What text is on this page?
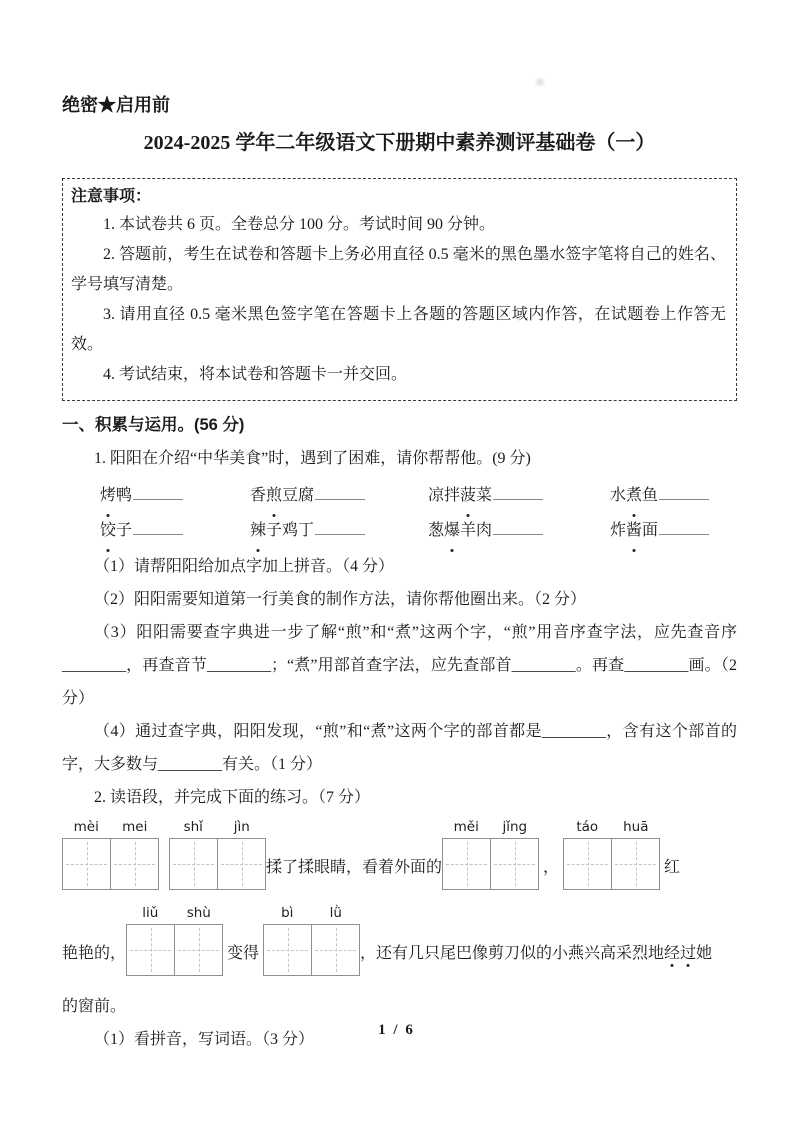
绝密★启用前

2024-2025 学年二年级语文下册期中素养测评基础卷（一）

注意事项：

1. 本试卷共 6 页。全卷总分 100 分。考试时间 90 分钟。

2. 答题前，考生在试卷和答题卡上务必用直径 0.5 毫米的黑色墨水签字笔将自己的姓名、学号填写清楚。

3. 请用直径 0.5 毫米黑色签字笔在答题卡上各题的答题区域内作答，在试题卷上作答无效。

4. 考试结束，将本试卷和答题卡一并交回。

一、积累与运用。(56 分)

1. 阳阳在介绍“中华美食”时，遇到了困难，请你帮帮他。(9 分)

烤鸭	香煎豆腐	凉拌菠菜	水煮鱼
饺子	辣子鸡丁	葱爆羊肉	炸酱面

（1）请帮阳阳给加点字加上拼音。（4 分）

（2）阳阳需要知道第一行美食的制作方法，请你帮他圈出来。（2 分）

（3）阳阳需要查字典进一步了解“煎”和“煮”这两个字，“煎”用音序查字法，应先查音序________，再查音节________；“煮”用部首查字法，应先查部首________。再查________画。（2 分）

（4）通过查字典，阳阳发现，“煎”和“煮”这两个字的部首都是________，含有这个部首的字，大多数与________有关。（1 分）

2. 读语段，并完成下面的练习。（7 分）

mèi	mei	shǐ	jìn
揉了揉眼睛，看着外面的
měi	jǐng
，
táo	huā
红
艳艳的，
liǔ	shù
变得
bì	lǜ
，还有几只尾巴像剪刀似的小燕兴高采烈地经过她

的窗前。

（1）看拼音，写词语。（3 分）

1 / 6
